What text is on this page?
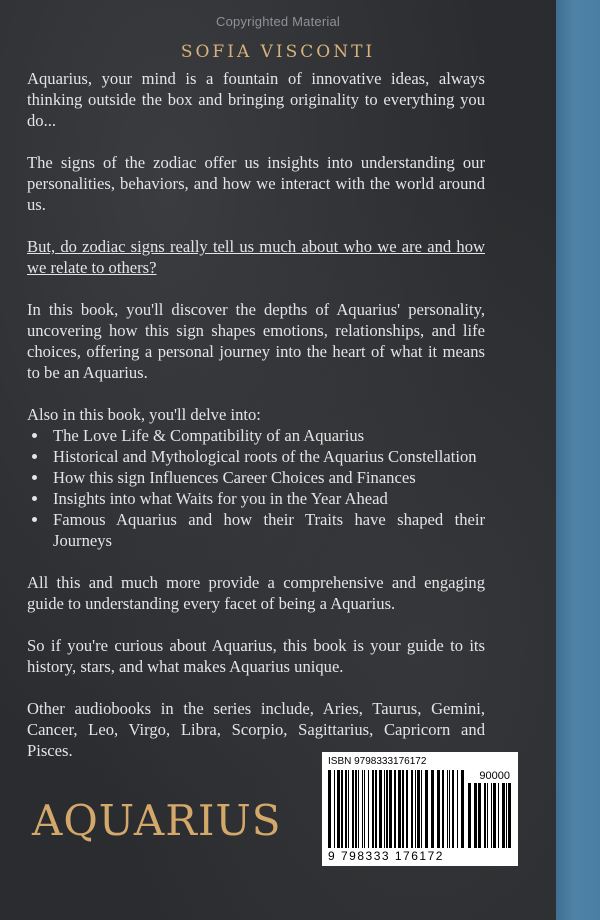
Copyrighted Material
SOFIA VISCONTI

Aquarius, your mind is a fountain of innovative ideas, always thinking outside the box and bringing originality to everything you do...

The signs of the zodiac offer us insights into understanding our personalities, behaviors, and how we interact with the world around us.

But, do zodiac signs really tell us much about who we are and how we relate to others?

In this book, you'll discover the depths of Aquarius' personality, uncovering how this sign shapes emotions, relationships, and life choices, offering a personal journey into the heart of what it means to be an Aquarius.

Also in this book, you'll delve into:

• The Love Life & Compatibility of an Aquarius
• Historical and Mythological roots of the Aquarius Constellation
• How this sign Influences Career Choices and Finances
• Insights into what Waits for you in the Year Ahead
• Famous Aquarius and how their Traits have shaped their Journeys

All this and much more provide a comprehensive and engaging guide to understanding every facet of being a Aquarius.

So if you're curious about Aquarius, this book is your guide to its history, stars, and what makes Aquarius unique.

Other audiobooks in the series include, Aries, Taurus, Gemini, Cancer, Leo, Virgo, Libra, Scorpio, Sagittarius, Capricorn and Pisces.

AQUARIUS
ISBN 9798333176172
90000
9 798333 176172
